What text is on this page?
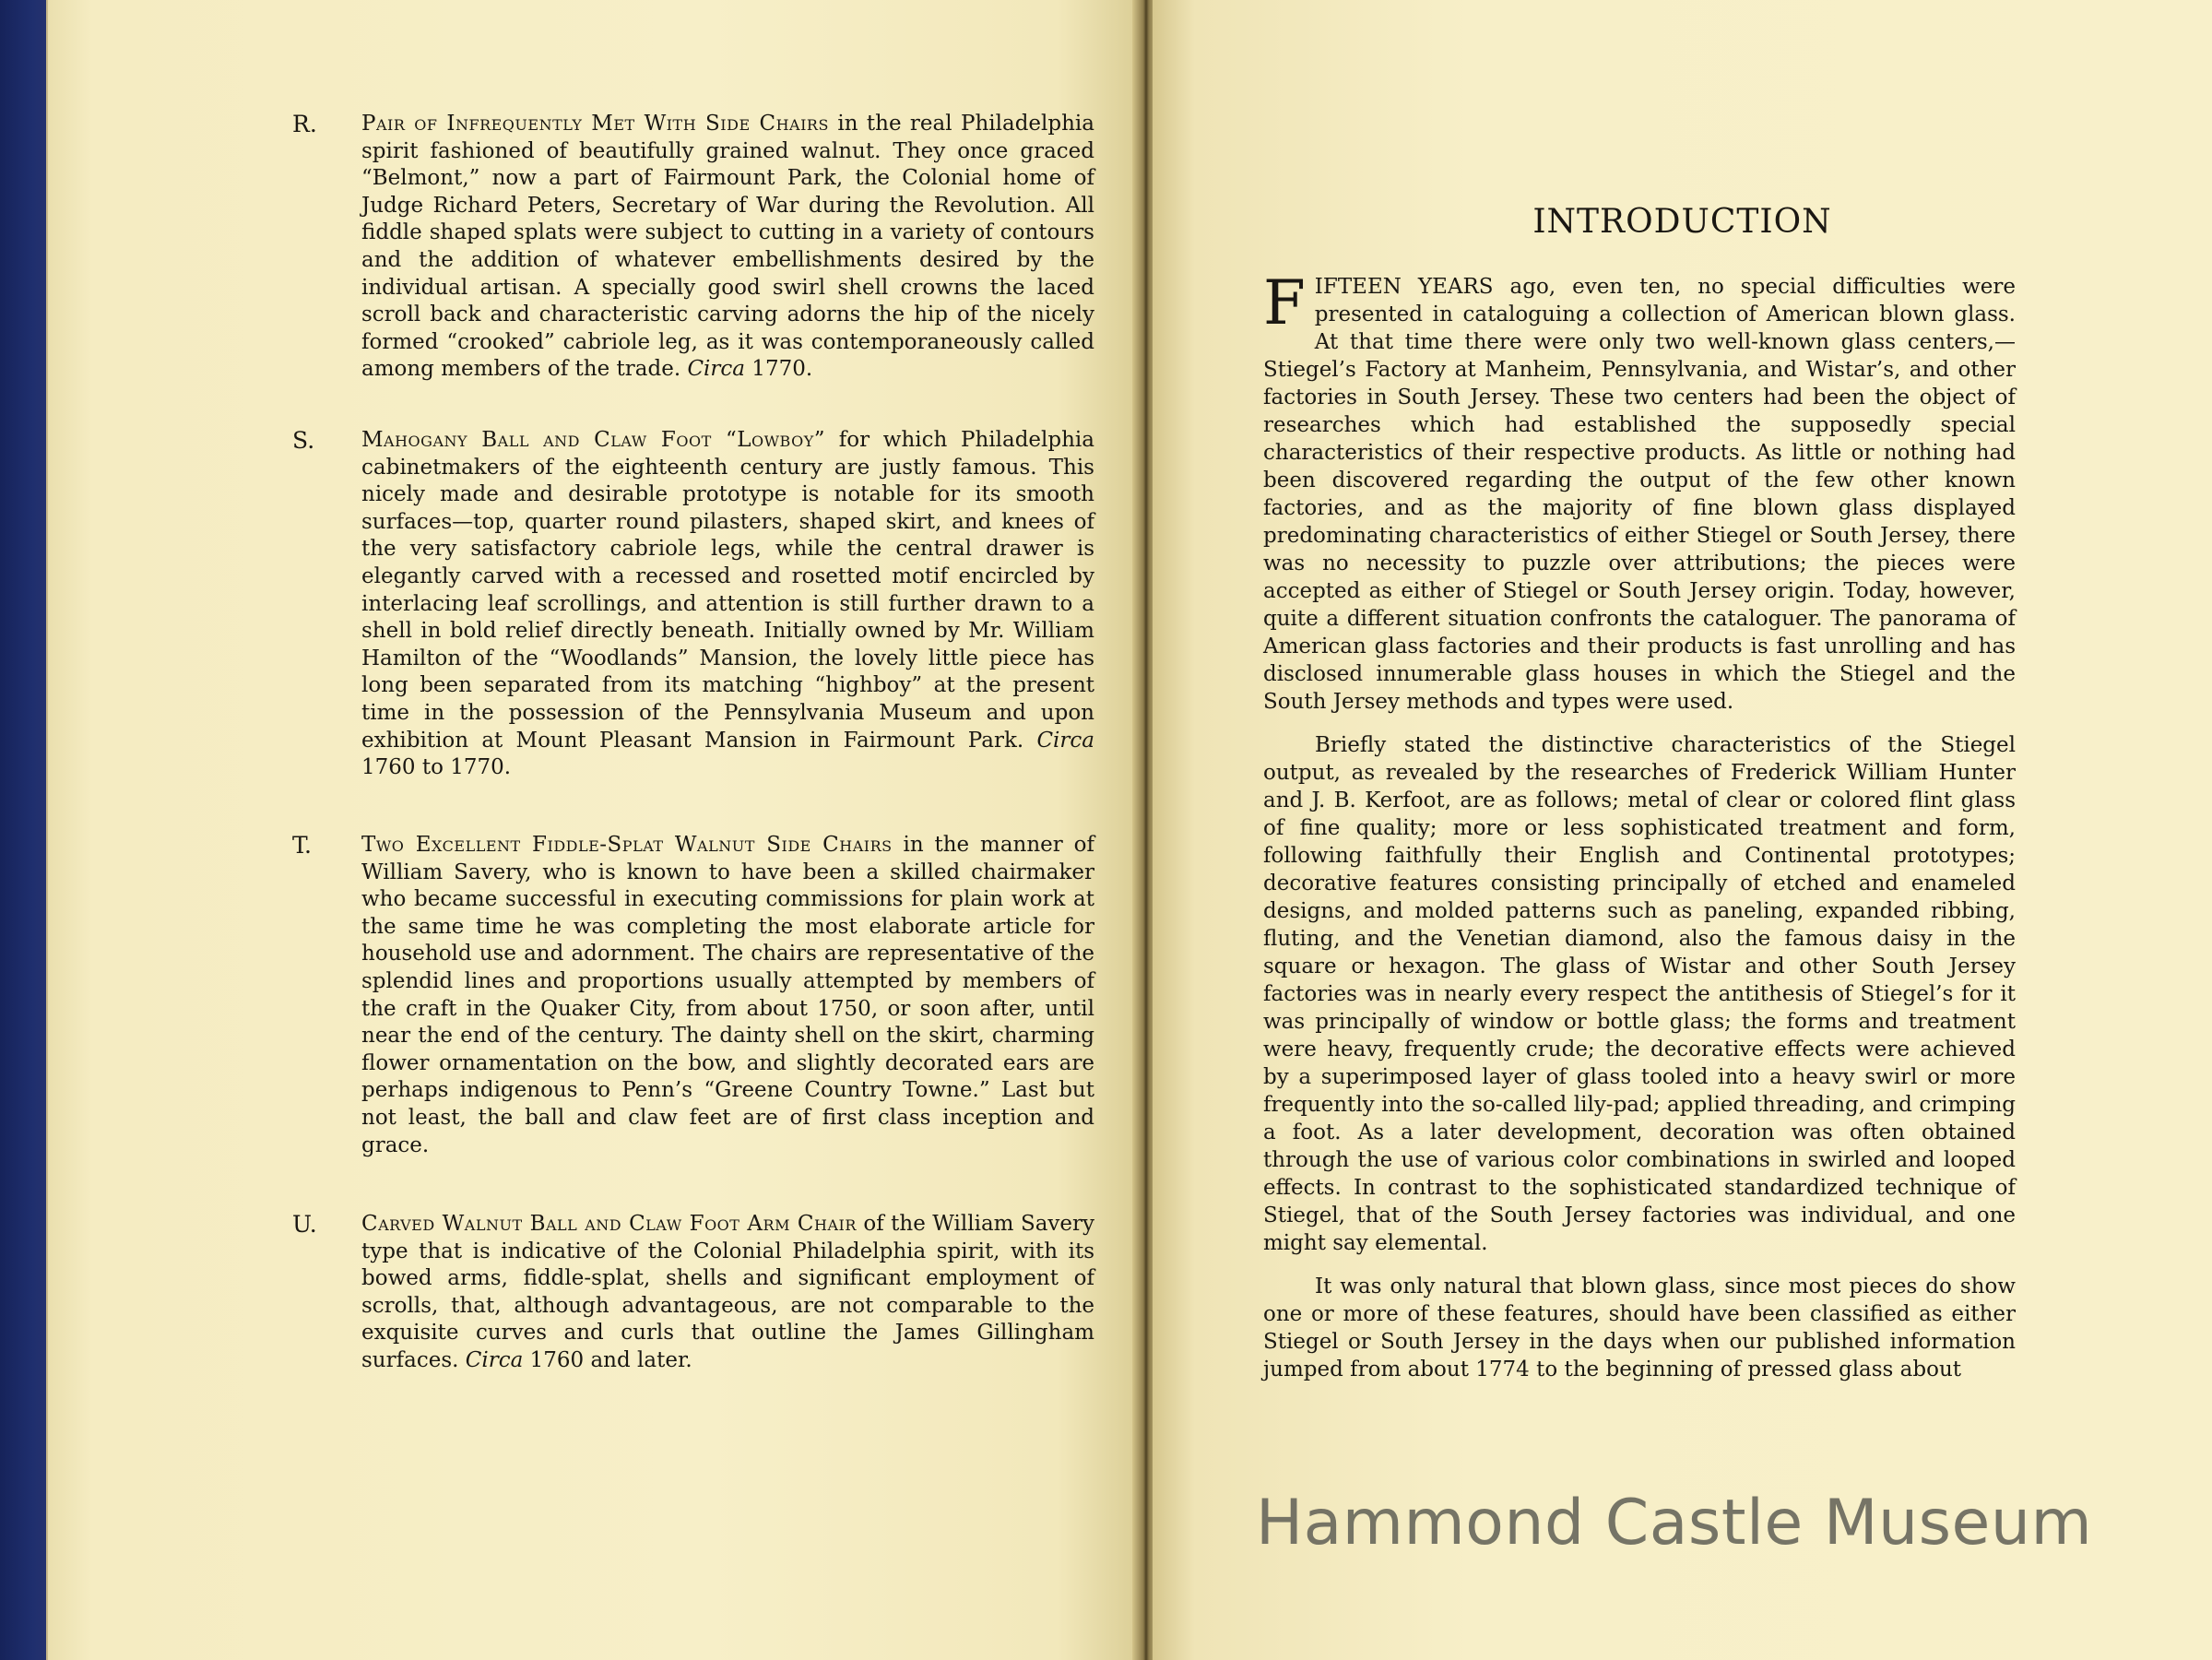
R. Pair of Infrequently Met With Side Chairs in the real Philadelphia spirit fashioned of beautifully grained walnut. They once graced “Belmont,” now a part of Fairmount Park, the Colonial home of Judge Richard Peters, Secretary of War during the Revolution. All fiddle shaped splats were subject to cutting in a variety of contours and the addition of whatever embellishments desired by the individual artisan. A specially good swirl shell crowns the laced scroll back and characteristic carving adorns the hip of the nicely formed “crooked” cabriole leg, as it was contemporaneously called among members of the trade. Circa 1770.
S. Mahogany Ball and Claw Foot “Lowboy” for which Philadelphia cabinetmakers of the eighteenth century are justly famous. This nicely made and desirable prototype is notable for its smooth surfaces—top, quarter round pilasters, shaped skirt, and knees of the very satisfactory cabriole legs, while the central drawer is elegantly carved with a recessed and rosetted motif encircled by interlacing leaf scrollings, and attention is still further drawn to a shell in bold relief directly beneath. Initially owned by Mr. William Hamilton of the “Woodlands” Mansion, the lovely little piece has long been separated from its matching “highboy” at the present time in the possession of the Pennsylvania Museum and upon exhibition at Mount Pleasant Mansion in Fairmount Park. Circa 1760 to 1770.
T. Two Excellent Fiddle-Splat Walnut Side Chairs in the manner of William Savery, who is known to have been a skilled chairmaker who became successful in executing commissions for plain work at the same time he was completing the most elaborate article for household use and adornment. The chairs are representative of the splendid lines and proportions usually attempted by members of the craft in the Quaker City, from about 1750, or soon after, until near the end of the century. The dainty shell on the skirt, charming flower ornamentation on the bow, and slightly decorated ears are perhaps indigenous to Penn’s “Greene Country Towne.” Last but not least, the ball and claw feet are of first class inception and grace.
U. Carved Walnut Ball and Claw Foot Arm Chair of the William Savery type that is indicative of the Colonial Philadelphia spirit, with its bowed arms, fiddle-splat, shells and significant employment of scrolls, that, although advantageous, are not comparable to the exquisite curves and curls that outline the James Gillingham surfaces. Circa 1760 and later.
INTRODUCTION

FIFTEEN YEARS ago, even ten, no special difficulties were presented in cataloguing a collection of American blown glass. At that time there were only two well-known glass centers,—Stiegel’s Factory at Manheim, Pennsylvania, and Wistar’s, and other factories in South Jersey. These two centers had been the object of researches which had established the supposedly special characteristics of their respective products. As little or nothing had been discovered regarding the output of the few other known factories, and as the majority of fine blown glass displayed predominating characteristics of either Stiegel or South Jersey, there was no necessity to puzzle over attributions; the pieces were accepted as either of Stiegel or South Jersey origin. Today, however, quite a different situation confronts the cataloguer. The panorama of American glass factories and their products is fast unrolling and has disclosed innumerable glass houses in which the Stiegel and the South Jersey methods and types were used.

Briefly stated the distinctive characteristics of the Stiegel output, as revealed by the researches of Frederick William Hunter and J. B. Kerfoot, are as follows; metal of clear or colored flint glass of fine quality; more or less sophisticated treatment and form, following faithfully their English and Continental prototypes; decorative features consisting principally of etched and enameled designs, and molded patterns such as paneling, expanded ribbing, fluting, and the Venetian diamond, also the famous daisy in the square or hexagon. The glass of Wistar and other South Jersey factories was in nearly every respect the antithesis of Stiegel’s for it was principally of window or bottle glass; the forms and treatment were heavy, frequently crude; the decorative effects were achieved by a superimposed layer of glass tooled into a heavy swirl or more frequently into the so-called lily-pad; applied threading, and crimping a foot. As a later development, decoration was often obtained through the use of various color combinations in swirled and looped effects. In contrast to the sophisticated standardized technique of Stiegel, that of the South Jersey factories was individual, and one might say elemental.

It was only natural that blown glass, since most pieces do show one or more of these features, should have been classified as either Stiegel or South Jersey in the days when our published information jumped from about 1774 to the beginning of pressed glass about

Hammond Castle Museum
